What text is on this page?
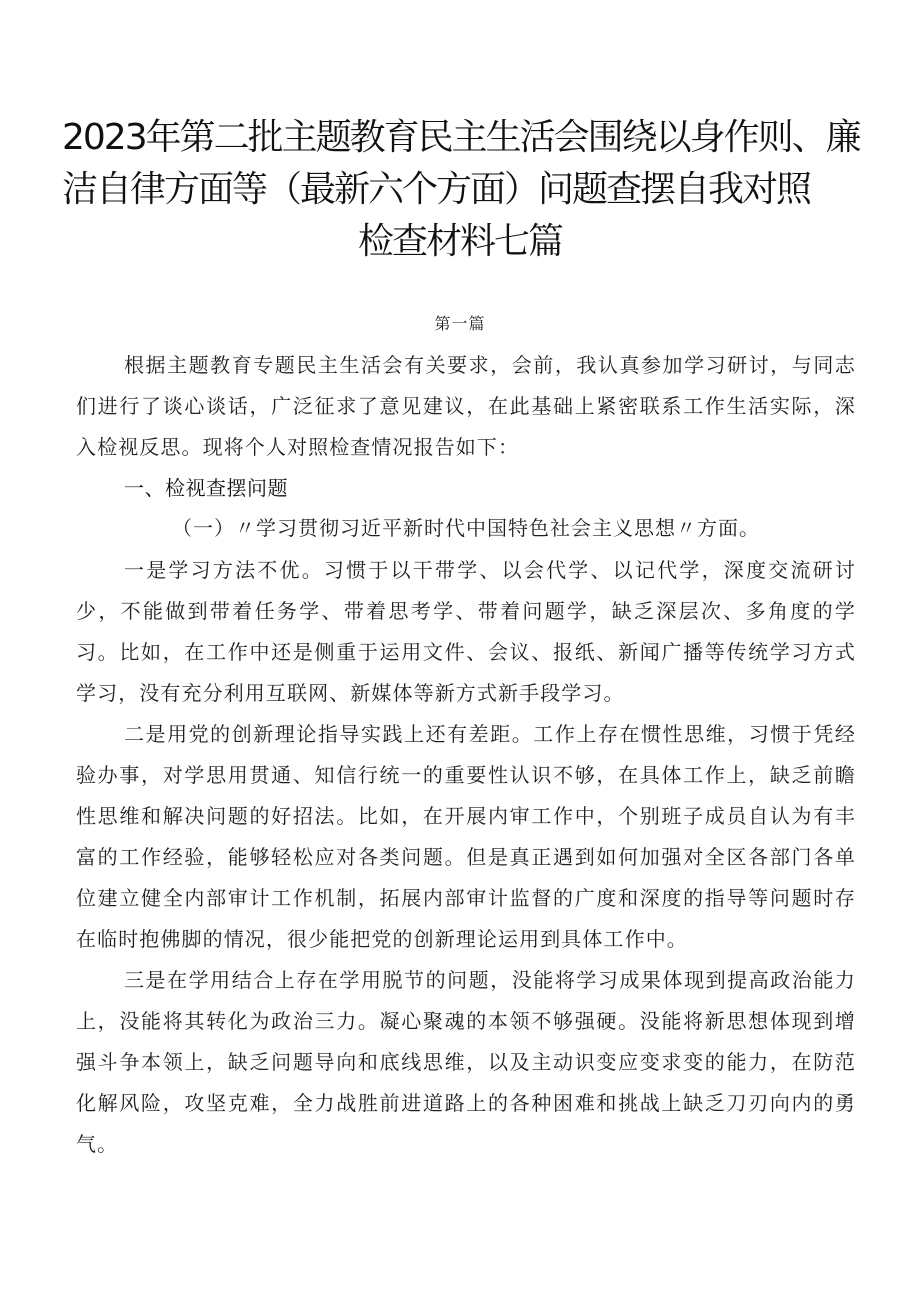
2023年第二批主题教育民主生活会围绕以身作则、廉
洁自律方面等（最新六个方面）问题查摆自我对照
检查材料七篇
第一篇

根据主题教育专题民主生活会有关要求，会前，我认真参加学习研讨，与同志们进行了谈心谈话，广泛征求了意见建议，在此基础上紧密联系工作生活实际，深入检视反思。现将个人对照检查情况报告如下：

一、检视查摆问题
（一）〃学习贯彻习近平新时代中国特色社会主义思想〃方面。

一是学习方法不优。习惯于以干带学、以会代学、以记代学，深度交流研讨少，不能做到带着任务学、带着思考学、带着问题学，缺乏深层次、多角度的学习。比如，在工作中还是侧重于运用文件、会议、报纸、新闻广播等传统学习方式学习，没有充分利用互联网、新媒体等新方式新手段学习。

二是用党的创新理论指导实践上还有差距。工作上存在惯性思维，习惯于凭经验办事，对学思用贯通、知信行统一的重要性认识不够，在具体工作上，缺乏前瞻性思维和解决问题的好招法。比如，在开展内审工作中，个别班子成员自认为有丰富的工作经验，能够轻松应对各类问题。但是真正遇到如何加强对全区各部门各单位建立健全内部审计工作机制，拓展内部审计监督的广度和深度的指导等问题时存在临时抱佛脚的情况，很少能把党的创新理论运用到具体工作中。

三是在学用结合上存在学用脱节的问题，没能将学习成果体现到提高政治能力上，没能将其转化为政治三力。凝心聚魂的本领不够强硬。没能将新思想体现到增强斗争本领上，缺乏问题导向和底线思维，以及主动识变应变求变的能力，在防范化解风险，攻坚克难，全力战胜前进道路上的各种困难和挑战上缺乏刀刃向内的勇气。
